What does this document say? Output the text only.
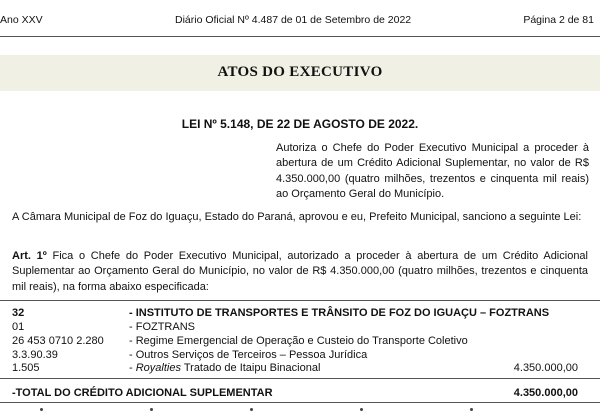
Ano XXV	Diário Oficial Nº 4.487 de 01 de Setembro de 2022	Página 2 de 81
ATOS DO EXECUTIVO
LEI Nº 5.148, DE 22 DE AGOSTO DE 2022.
Autoriza o Chefe do Poder Executivo Municipal a proceder à abertura de um Crédito Adicional Suplementar, no valor de R$ 4.350.000,00 (quatro milhões, trezentos e cinquenta mil reais) ao Orçamento Geral do Município.
A Câmara Municipal de Foz do Iguaçu, Estado do Paraná, aprovou e eu, Prefeito Municipal, sanciono a seguinte Lei:
Art. 1º Fica o Chefe do Poder Executivo Municipal, autorizado a proceder à abertura de um Crédito Adicional Suplementar ao Orçamento Geral do Município, no valor de R$ 4.350.000,00 (quatro milhões, trezentos e cinquenta mil reais), na forma abaixo especificada:
32	- INSTITUTO DE TRANSPORTES E TRÂNSITO DE FOZ DO IGUAÇU – FOZTRANS
01	- FOZTRANS
26 453 0710 2.280 - Regime Emergencial de Operação e Custeio do Transporte Coletivo
3.3.90.39	- Outros Serviços de Terceiros – Pessoa Jurídica
1.505	- Royalties Tratado de Itaipu Binacional	4.350.000,00
-TOTAL DO CRÉDITO ADICIONAL SUPLEMENTAR	4.350.000,00
